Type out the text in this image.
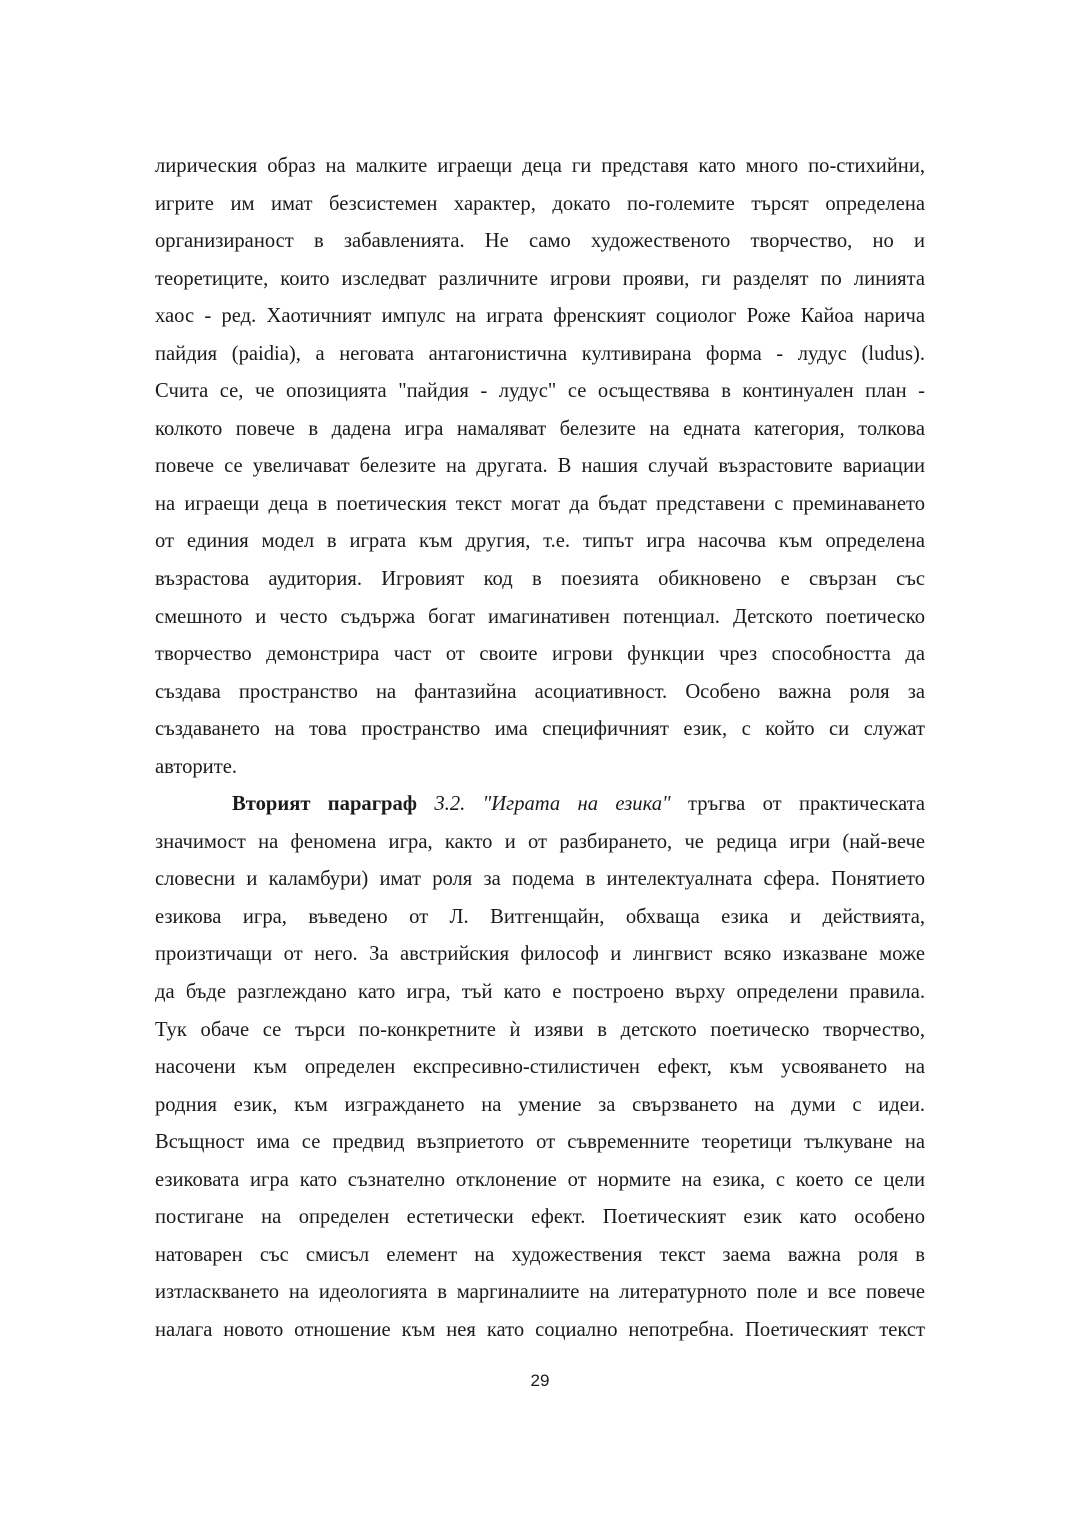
лирическия образ на малките играещи деца ги представя като много по-стихийни,
игрите им имат безсистемен характер, докато по-големите търсят определена
организираност в забавленията. Не само художественото творчество, но и
теоретиците, които изследват различните игрови прояви, ги разделят по линията
хаос - ред. Хаотичният импулс на играта френският социолог Роже Кайоа нарича
пайдия (paidia), а неговата антагонистична култивирана форма - лудус (ludus).
Счита се, че опозицията "пайдия - лудус" се осъществява в континуален план -
колкото повече в дадена игра намаляват белезите на едната категория, толкова
повече се увеличават белезите на другата. В нашия случай възрастовите вариации
на играещи деца в поетическия текст могат да бъдат представени с преминаването
от единия модел в играта към другия, т.е. типът игра насочва към определена
възрастова аудитория. Игровият код в поезията обикновено е свързан със
смешното и често съдържа богат имагинативен потенциал. Детското поетическо
творчество демонстрира част от своите игрови функции чрез способността да
създава пространство на фантазийна асоциативност. Особено важна роля за
създаването на това пространство има специфичният език, с който си служат
авторите.
Вторият параграф 3.2. "Играта на езика" тръгва от практическата
значимост на феномена игра, както и от разбирането, че редица игри (най-вече
словесни и каламбури) имат роля за подема в интелектуалната сфера. Понятието
езикова игра, въведено от Л. Витгенщайн, обхваща езика и действията,
произтичащи от него. За австрийския философ и лингвист всяко изказване може
да бъде разглеждано като игра, тъй като е построено върху определени правила.
Тук обаче се търси по-конкретните ѝ изяви в детското поетическо творчество,
насочени към определен експресивно-стилистичен ефект, към усвояването на
родния език, към изграждането на умение за свързването на думи с идеи.
Всъщност има се предвид възприетото от съвременните теоретици тълкуване на
езиковата игра като съзнателно отклонение от нормите на езика, с което се цели
постигане на определен естетически ефект. Поетическият език като особено
натоварен със смисъл елемент на художествения текст заема важна роля в
изтласкването на идеологията в маргиналиите на литературното поле и все повече
налага новото отношение към нея като социално непотребна. Поетическият текст
29
